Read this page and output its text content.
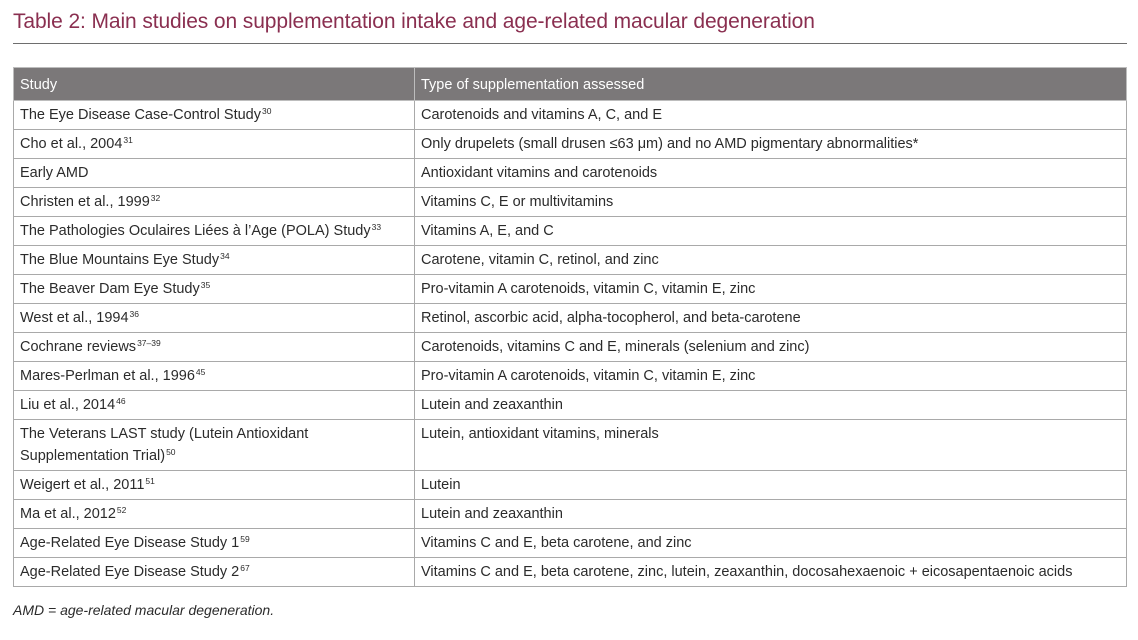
Table 2: Main studies on supplementation intake and age-related macular degeneration
Study	Type of supplementation assessed
The Eye Disease Case-Control Study$^{30}$	Carotenoids and vitamins A, C, and E
Cho et al., 2004$^{31}$	Only drupelets (small drusen ≤63 μm) and no AMD pigmentary abnormalities*
Early AMD	Antioxidant vitamins and carotenoids
Christen et al., 1999$^{32}$	Vitamins C, E or multivitamins
The Pathologies Oculaires Liées à l’Age (POLA) Study$^{33}$	Vitamins A, E, and C
The Blue Mountains Eye Study$^{34}$	Carotene, vitamin C, retinol, and zinc
The Beaver Dam Eye Study$^{35}$	Pro-vitamin A carotenoids, vitamin C, vitamin E, zinc
West et al., 1994$^{36}$	Retinol, ascorbic acid, alpha-tocopherol, and beta-carotene
Cochrane reviews$^{37-39}$	Carotenoids, vitamins C and E, minerals (selenium and zinc)
Mares-Perlman et al., 1996$^{45}$	Pro-vitamin A carotenoids, vitamin C, vitamin E, zinc
Liu et al., 2014$^{46}$	Lutein and zeaxanthin
The Veterans LAST study (Lutein Antioxidant Supplementation Trial)$^{50}$	Lutein, antioxidant vitamins, minerals
Weigert et al., 2011$^{51}$	Lutein
Ma et al., 2012$^{52}$	Lutein and zeaxanthin
Age-Related Eye Disease Study 1$^{59}$	Vitamins C and E, beta carotene, and zinc
Age-Related Eye Disease Study 2$^{67}$	Vitamins C and E, beta carotene, zinc, lutein, zeaxanthin, docosahexaenoic + eicosapentaenoic acids
AMD = age-related macular degeneration.
